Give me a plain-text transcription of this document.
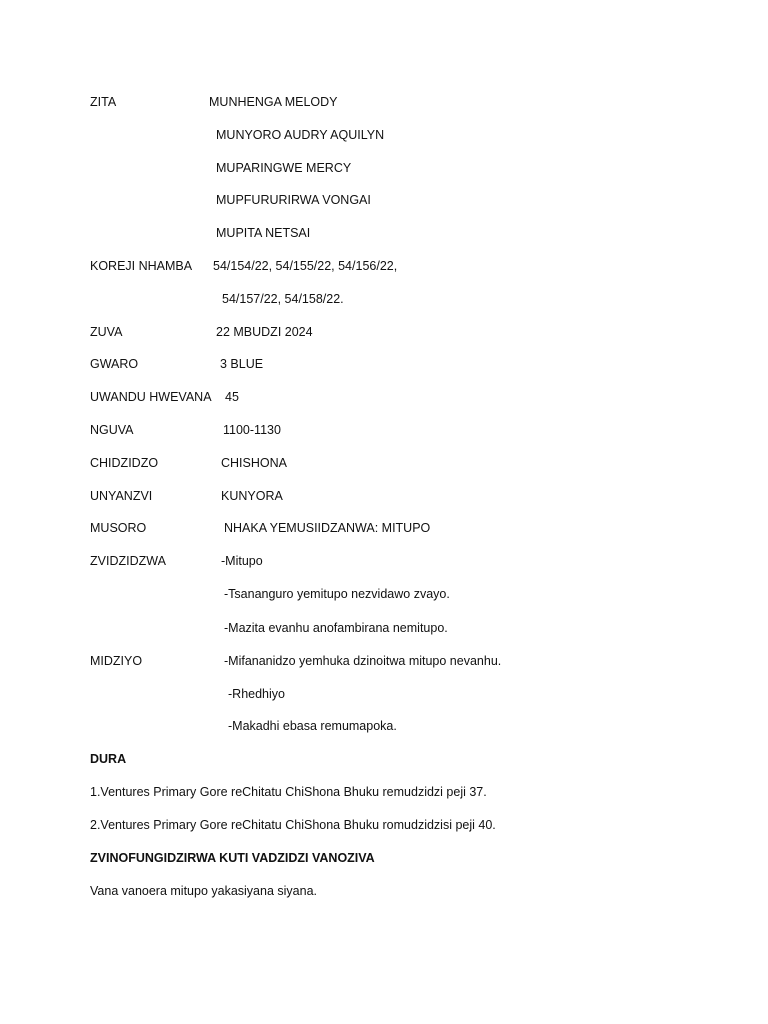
ZITA	MUNHENGA MELODY
MUNYORO AUDRY AQUILYN
MUPARINGWE MERCY
MUPFURURIRWA VONGAI
MUPITA NETSAI
KOREJI NHAMBA 54/154/22, 54/155/22, 54/156/22,
54/157/22, 54/158/22.
ZUVA	22 MBUDZI 2024
GWARO	3 BLUE
UWANDU HWEVANA 45
NGUVA	1100-1130
CHIDZIDZO	CHISHONA
UNYANZVI	KUNYORA
MUSORO	NHAKA YEMUSIIDZANWA: MITUPO
ZVIDZIDZWA	-Mitupo
-Tsananguro yemitupo nezvidawo zvayo.
-Mazita evanhu anofambirana nemitupo.
MIDZIYO	-Mifananidzo yemhuka dzinoitwa mitupo nevanhu.
-Rhedhiyo
-Makadhi ebasa remumapoka.
DURA
1.Ventures Primary Gore reChitatu ChiShona Bhuku remudzidzi peji 37.
2.Ventures Primary Gore reChitatu ChiShona Bhuku romudzidzisi peji 40.
ZVINOFUNGIDZIRWA KUTI VADZIDZI VANOZIVA
Vana vanoera mitupo yakasiyana siyana.
